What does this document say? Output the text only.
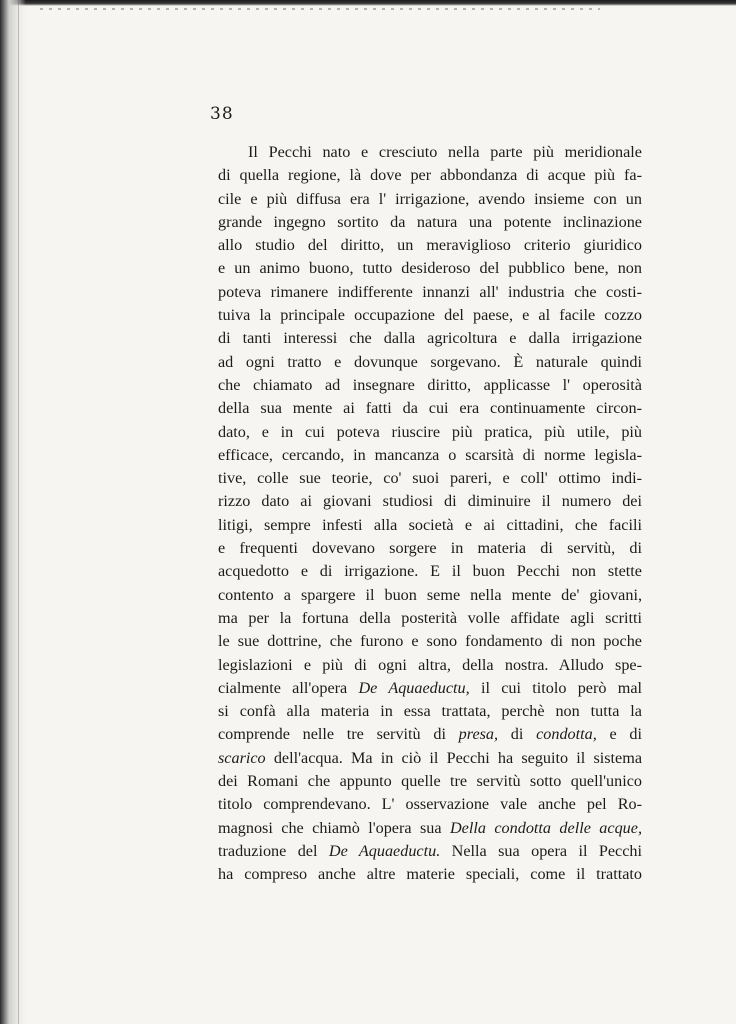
38
Il Pecchi nato e cresciuto nella parte più meridionale
di quella regione, là dove per abbondanza di acque più fa-
cile e più diffusa era l' irrigazione, avendo insieme con un
grande ingegno sortito da natura una potente inclinazione
allo studio del diritto, un meraviglioso criterio giuridico
e un animo buono, tutto desideroso del pubblico bene, non
poteva rimanere indifferente innanzi all' industria che costi-
tuiva la principale occupazione del paese, e al facile cozzo
di tanti interessi che dalla agricoltura e dalla irrigazione
ad ogni tratto e dovunque sorgevano. È naturale quindi
che chiamato ad insegnare diritto, applicasse l' operosità
della sua mente ai fatti da cui era continuamente circon-
dato, e in cui poteva riuscire più pratica, più utile, più
efficace, cercando, in mancanza o scarsità di norme legisla-
tive, colle sue teorie, co' suoi pareri, e coll' ottimo indi-
rizzo dato ai giovani studiosi di diminuire il numero dei
litigi, sempre infesti alla società e ai cittadini, che facili
e frequenti dovevano sorgere in materia di servitù, di
acquedotto e di irrigazione. E il buon Pecchi non stette
contento a spargere il buon seme nella mente de' giovani,
ma per la fortuna della posterità volle affidate agli scritti
le sue dottrine, che furono e sono fondamento di non poche
legislazioni e più di ogni altra, della nostra. Alludo spe-
cialmente all'opera De Aquaeductu, il cui titolo però mal
si confà alla materia in essa trattata, perchè non tutta la
comprende nelle tre servitù di presa, di condotta, e di
scarico dell'acqua. Ma in ciò il Pecchi ha seguito il sistema
dei Romani che appunto quelle tre servitù sotto quell'unico
titolo comprendevano. L' osservazione vale anche pel Ro-
magnosi che chiamò l'opera sua Della condotta delle acque,
traduzione del De Aquaeductu. Nella sua opera il Pecchi
ha compreso anche altre materie speciali, come il trattato
